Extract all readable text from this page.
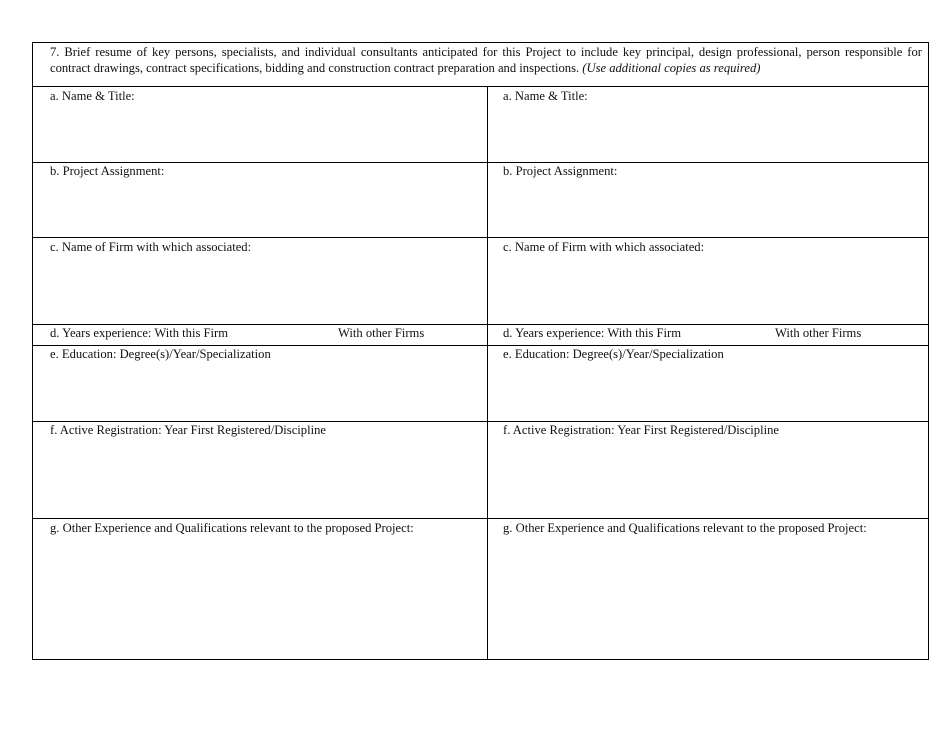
7. Brief resume of key persons, specialists, and individual consultants anticipated for this Project to include key principal, design professional, person responsible for
contract drawings, contract specifications, bidding and construction contract preparation and inspections. (Use additional copies as required)
a. Name & Title:
b. Project Assignment:
c. Name of Firm with which associated:
d. Years experience: With this Firm	With other Firms
e. Education: Degree(s)/Year/Specialization
f. Active Registration: Year First Registered/Discipline
g. Other Experience and Qualifications relevant to the proposed Project:
a. Name & Title:
b. Project Assignment:
c. Name of Firm with which associated:
d. Years experience: With this Firm	With other Firms
e. Education: Degree(s)/Year/Specialization
f. Active Registration: Year First Registered/Discipline
g. Other Experience and Qualifications relevant to the proposed Project:
